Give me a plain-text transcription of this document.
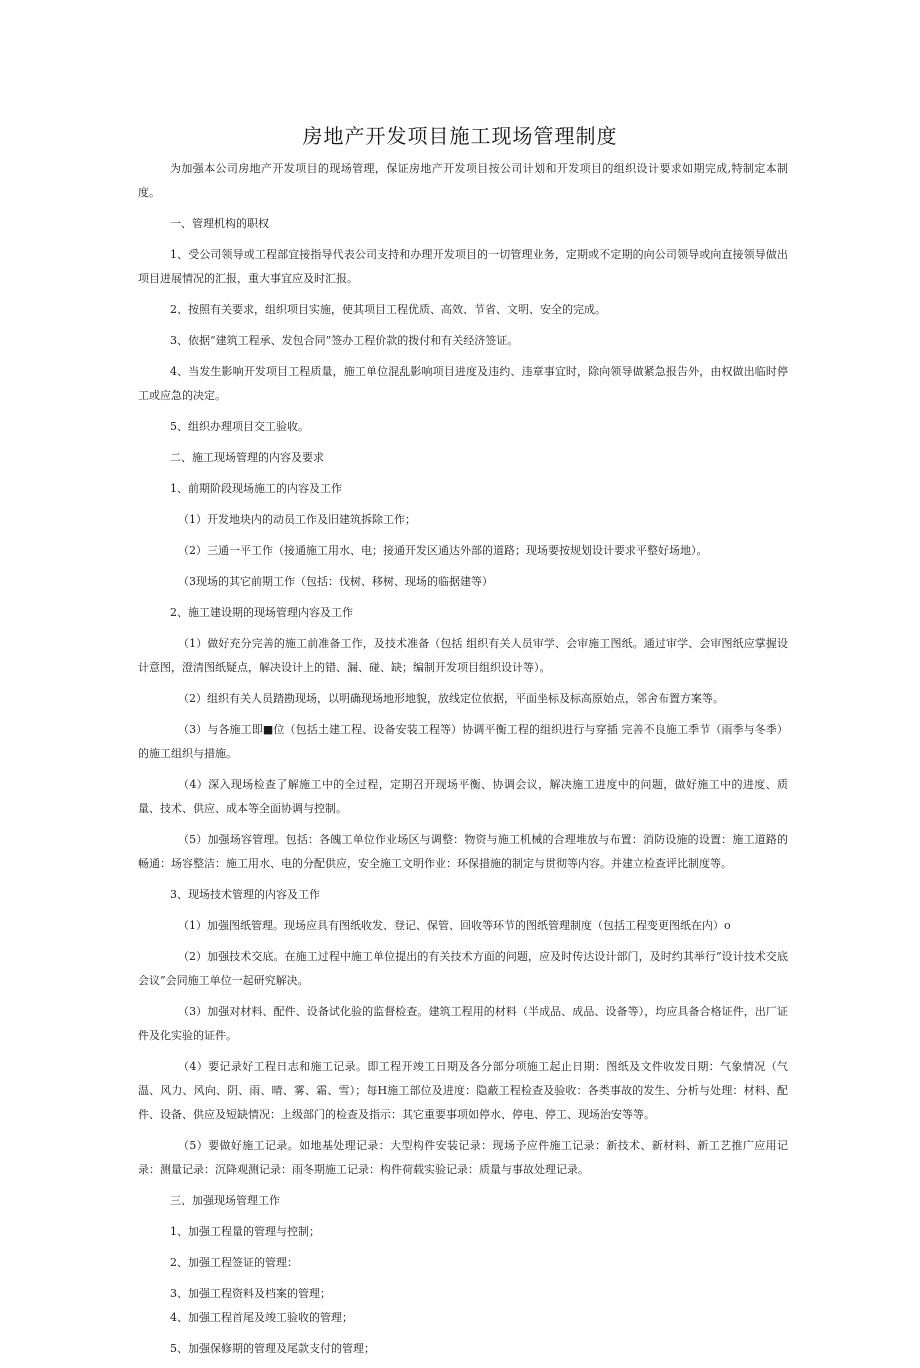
房地产开发项目施工现场管理制度

为加强本公司房地产开发项目的现场管理，保证房地产开发项目按公司计划和开发项目的组织设计要求如期完成,特制定本制度。

一、管理机构的职权

1、受公司领导或工程部宜接指导代表公司支持和办理开发项目的一切管理业务，定期或不定期的向公司领导或向直接领导做出项目进展情况的汇报，重大事宜应及时汇报。

2、按照有关要求，组织项目实施，使其项目工程优质、高效、节省、文明、安全的完成。

3、依据“建筑工程承、发包合同”签办工程价款的拨付和有关经济签证。

4、当发生影响开发项目工程质量，施工单位混乱影响项目进度及违约、违章事宜时，除向领导做紧急报告外，由权做出临时停工或应急的决定。

5、组织办理项目交工验收。

二、施工现场管理的内容及要求

1、前期阶段现场施工的内容及工作

（1）开发地块内的动员工作及旧建筑拆除工作；

（2）三通一平工作（接通施工用水、电；接通开发区通达外部的道路；现场要按规划设计要求平整好场地）。

（3现场的其它前期工作（包括：伐树、移树、现场的临据建等）

2、施工建设期的现场管理内容及工作

（1）做好充分完善的施工前准备工作，及技术准备（包括 组织有关人员审学、会审施工图纸。通过审学、会审图纸应掌握设计意图，澄清图纸疑点，解决设计上的错、漏、碰、缺；编制开发项目组织设计等）。

（2）组织有关人员踏勘现场，以明确现场地形地貌，放线定位依据，平面坐标及标高原始点，邻舍布置方案等。

（3）与各施工即■位（包括土建工程、设备安装工程等）协调平衡工程的组织进行与穿插 完善不良施工季节（雨季与冬季）的施工组织与措施。

（4）深入现场检查了解施工中的全过程，定期召开现场平衡、协调会议，解决施工进度中的问题，做好施工中的进度、质量、技术、供应、成本等全面协调与控制。

（5）加强场容管理。包括：各魄工单位作业场区与调整：物资与施工机械的合理堆放与布置：消防设施的设置：施工道路的畅通：场容整洁：施工用水、电的分配供应，安全施工文明作业：环保措施的制定与贯彻等内容。并建立检查评比制度等。

3、现场技术管理的内容及工作

（1）加强图纸管理。现场应具有图纸收发、登记、保管、回收等环节的图纸管理制度（包括工程变更图纸在内）o

（2）加强技术交底。在施工过程中施工单位提出的有关技术方面的问题，应及时传达设计部门，及时约其举行”设计技术交底会议”会同施工单位一起研究解决。

（3）加强对材料、配件、设备试化验的监督检查。建筑工程用的材料（半成品、成品、设备等），均应具备合格证件，出厂证件及化实验的证件。

（4）要记录好工程日志和施工记录。即工程开竣工日期及各分部分项施工起止日期：图纸及文件收发日期：气象情况（气温、风力、风向、阴、雨、晴、雾、霜、雪）；每H施工部位及进度：隐蔽工程检查及验收：各类事故的发生、分析与处理：材料、配件、设备、供应及短缺情况：上级部门的检查及指示：其它重要事项如停水、停电、停工、现场治安等等。

（5）要做好施工记录。如地基处理记录：大型构件安装记录：现场予应件施工记录：新技术、新材料、新工艺推广应用记录：测量记录：沉降观测记录：雨冬期施工记录：构件荷载实验记录：质量与事故处理记录。

三、加强现场管理工作

1、加强工程量的管理与控制；

2、加强工程签证的管理：

3、加强工程资料及档案的管理；

4、加强工程首尾及竣工验收的管理；

5、加强保修期的管理及尾款支付的管理；
